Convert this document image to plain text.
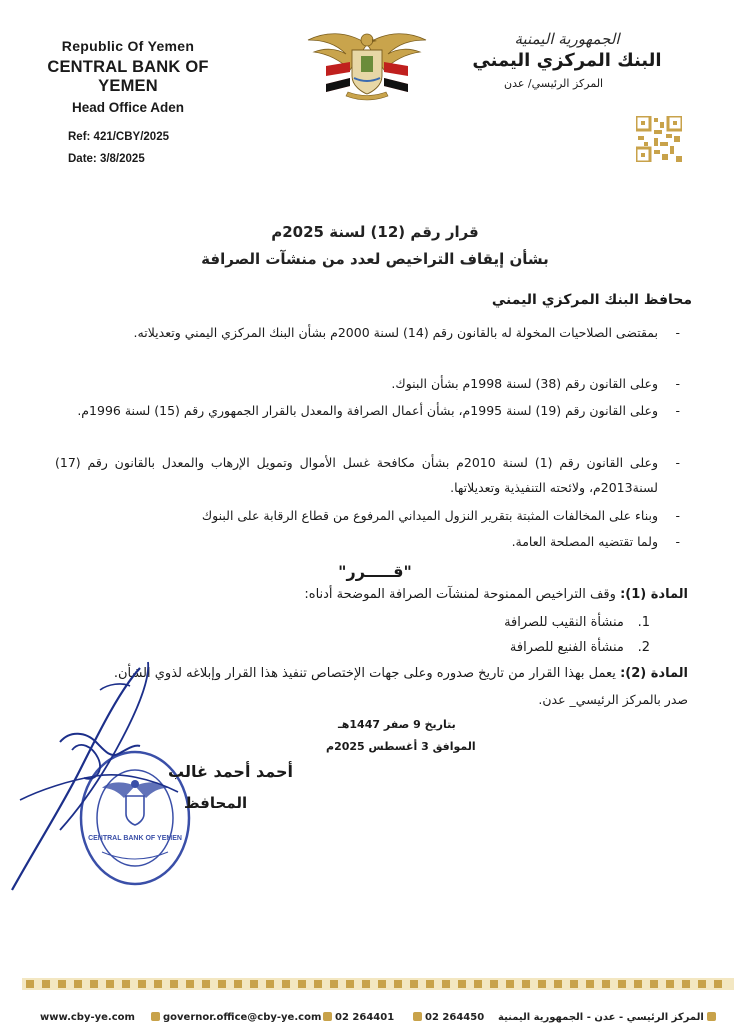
Republic Of Yemen
CENTRAL BANK OF YEMEN
Head Office Aden
Ref: 421/CBY/2025
Date: 3/8/2025
الجمهورية اليمنية
البنك المركزي اليمني
المركز الرئيسي/ عدن
قرار رقم (12) لسنة 2025م
بشأن إيقاف التراخيص لعدد من منشآت الصرافة
محافظ البنك المركزي اليمني
-
بمقتضى الصلاحيات المخولة له بالقانون رقم (14) لسنة 2000م بشأن البنك المركزي اليمني وتعديلاته.
-
وعلى القانون رقم (38) لسنة 1998م بشأن البنوك.
-
وعلى القانون رقم (19) لسنة 1995م، بشأن أعمال الصرافة والمعدل بالقرار الجمهوري رقم (15) لسنة 1996م.
-
وعلى القانون رقم (1) لسنة 2010م بشأن مكافحة غسل الأموال وتمويل الإرهاب والمعدل بالقانون رقم (17) لسنة2013م، ولائحته التنفيذية وتعديلاتها.
-
وبناء على المخالفات المثبتة بتقرير النزول الميداني المرفوع من قطاع الرقابة على البنوك
-
ولما تقتضيه المصلحة العامة.
"قـــــرر"
المادة (1): وقف التراخيص الممنوحة لمنشآت الصرافة الموضحة أدناه:
1. منشأة النقيب للصرافة
2. منشأة الفنيع للصرافة
المادة (2): يعمل بهذا القرار من تاريخ صدوره وعلى جهات الإختصاص تنفيذ هذا القرار وإبلاغه لذوي الشأن.
صدر بالمركز الرئيسي_ عدن.
بتاريخ 9 صفر 1447هـ
الموافق 3 أغسطس 2025م
CENTRAL BANK OF YEMEN
أحمد أحمد غالب
المحافظ
www.cby-ye.com	governor.office@cby-ye.com	02 264401	02 264450 المركز الرئيسي - عدن - الجمهورية اليمنية
